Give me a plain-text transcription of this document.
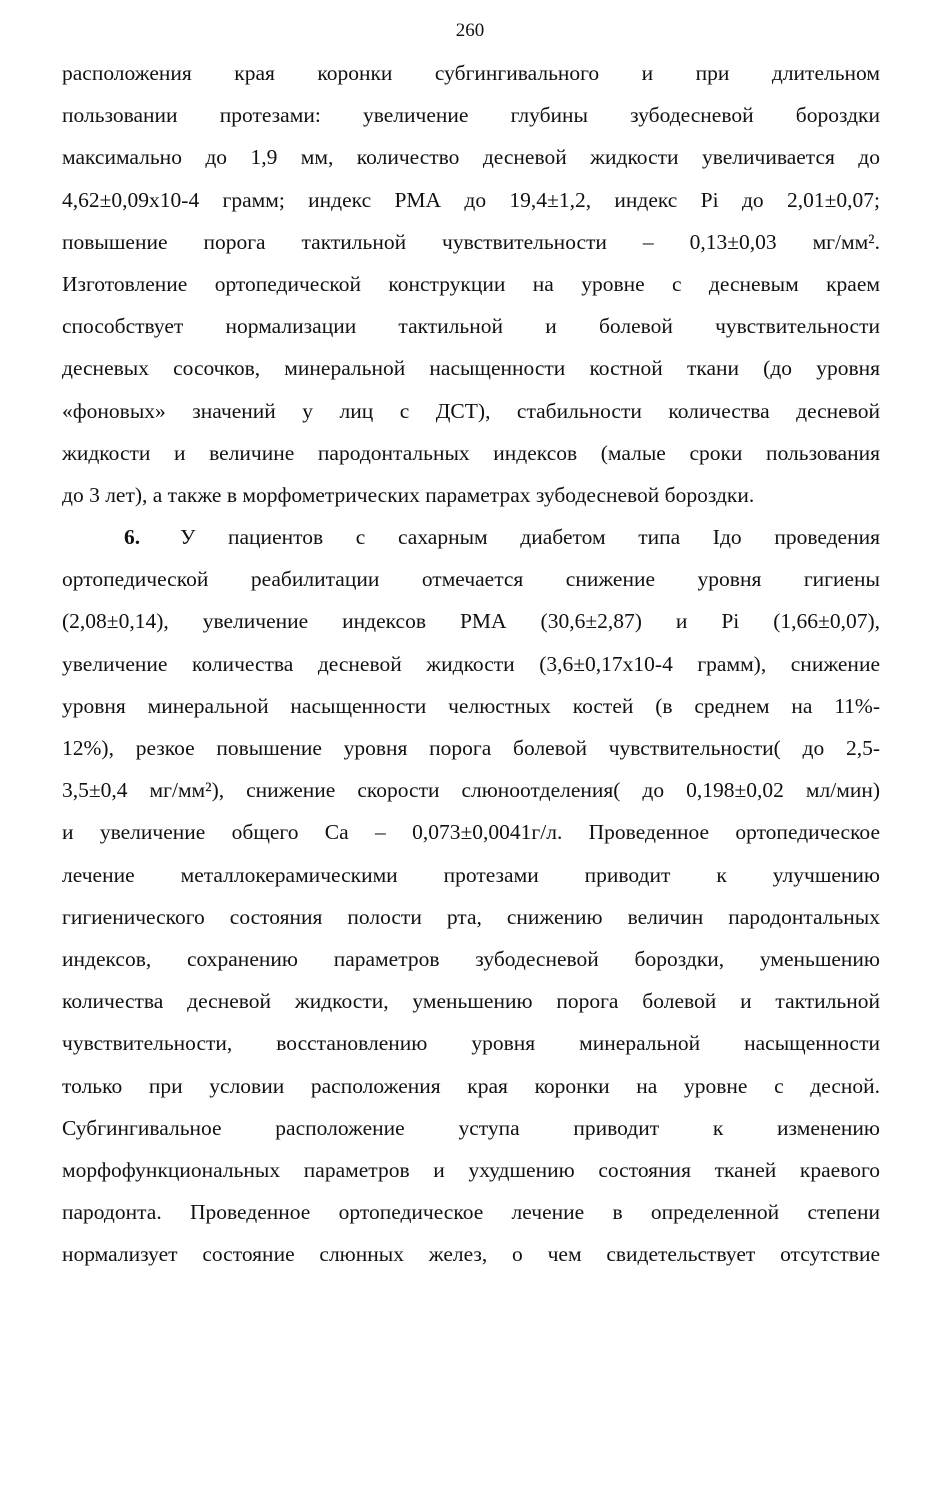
260
расположения края коронки субгингивального и при длительном
пользовании протезами: увеличение глубины зубодесневой бороздки
максимально до 1,9 мм, количество десневой жидкости увеличивается до
4,62±0,09х10-4 грамм; индекс РМА до 19,4±1,2, индекс Pi до 2,01±0,07;
повышение порога тактильной чувствительности – 0,13±0,03 мг/мм².
Изготовление ортопедической конструкции на уровне с десневым краем
способствует нормализации тактильной и болевой чувствительности
десневых сосочков, минеральной насыщенности костной ткани (до уровня
«фоновых» значений у лиц с ДСТ), стабильности количества десневой
жидкости и величине пародонтальных индексов (малые сроки пользования
до 3 лет), а также в морфометрических параметрах зубодесневой бороздки.
6. У пациентов с сахарным диабетом типа Iдо проведения
ортопедической реабилитации отмечается снижение уровня гигиены
(2,08±0,14), увеличение индексов РМА (30,6±2,87) и Pi (1,66±0,07),
увеличение количества десневой жидкости (3,6±0,17х10-4 грамм), снижение
уровня минеральной насыщенности челюстных костей (в среднем на 11%-
12%), резкое повышение уровня порога болевой чувствительности( до 2,5-
3,5±0,4 мг/мм²), снижение скорости слюноотделения( до 0,198±0,02 мл/мин)
и увеличение общего Са – 0,073±0,0041г/л. Проведенное ортопедическое
лечение металлокерамическими протезами приводит к улучшению
гигиенического состояния полости рта, снижению величин пародонтальных
индексов, сохранению параметров зубодесневой бороздки, уменьшению
количества десневой жидкости, уменьшению порога болевой и тактильной
чувствительности, восстановлению уровня минеральной насыщенности
только при условии расположения края коронки на уровне с десной.
Субгингивальное расположение уступа приводит к изменению
морфофункциональных параметров и ухудшению состояния тканей краевого
пародонта. Проведенное ортопедическое лечение в определенной степени
нормализует состояние слюнных желез, о чем свидетельствует отсутствие
